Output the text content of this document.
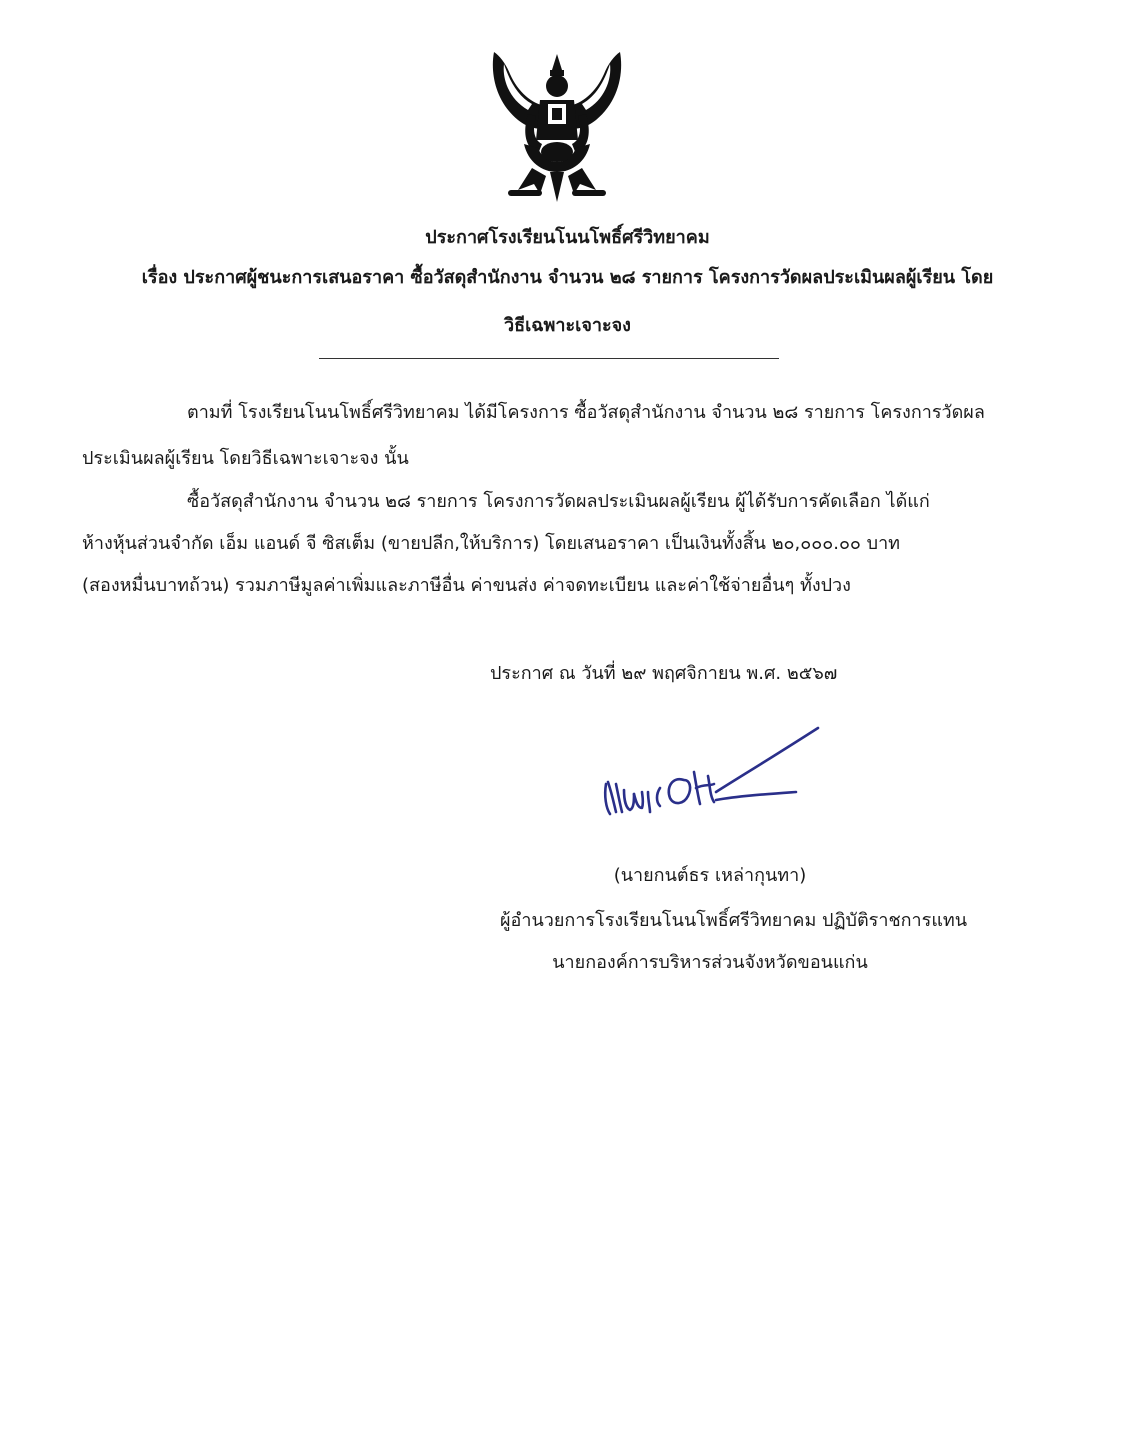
ประกาศโรงเรียนโนนโพธิ์ศรีวิทยาคม
เรื่อง ประกาศผู้ชนะการเสนอราคา ซื้อวัสดุสำนักงาน จำนวน ๒๘ รายการ โครงการวัดผลประเมินผลผู้เรียน โดย
วิธีเฉพาะเจาะจง
ตามที่ โรงเรียนโนนโพธิ์ศรีวิทยาคม ได้มีโครงการ ซื้อวัสดุสำนักงาน จำนวน ๒๘ รายการ โครงการวัดผล
ประเมินผลผู้เรียน โดยวิธีเฉพาะเจาะจง นั้น
ซื้อวัสดุสำนักงาน จำนวน ๒๘ รายการ โครงการวัดผลประเมินผลผู้เรียน ผู้ได้รับการคัดเลือก ได้แก่
ห้างหุ้นส่วนจำกัด เอ็ม แอนด์ จี ซิสเต็ม (ขายปลีก,ให้บริการ) โดยเสนอราคา เป็นเงินทั้งสิ้น ๒๐,๐๐๐.๐๐ บาท
(สองหมื่นบาทถ้วน) รวมภาษีมูลค่าเพิ่มและภาษีอื่น ค่าขนส่ง ค่าจดทะเบียน และค่าใช้จ่ายอื่นๆ ทั้งปวง
ประกาศ ณ วันที่ ๒๙ พฤศจิกายน พ.ศ. ๒๕๖๗
(นายกนต์ธร เหล่ากุนทา)
ผู้อำนวยการโรงเรียนโนนโพธิ์ศรีวิทยาคม ปฏิบัติราชการแทน
นายกองค์การบริหารส่วนจังหวัดขอนแก่น
